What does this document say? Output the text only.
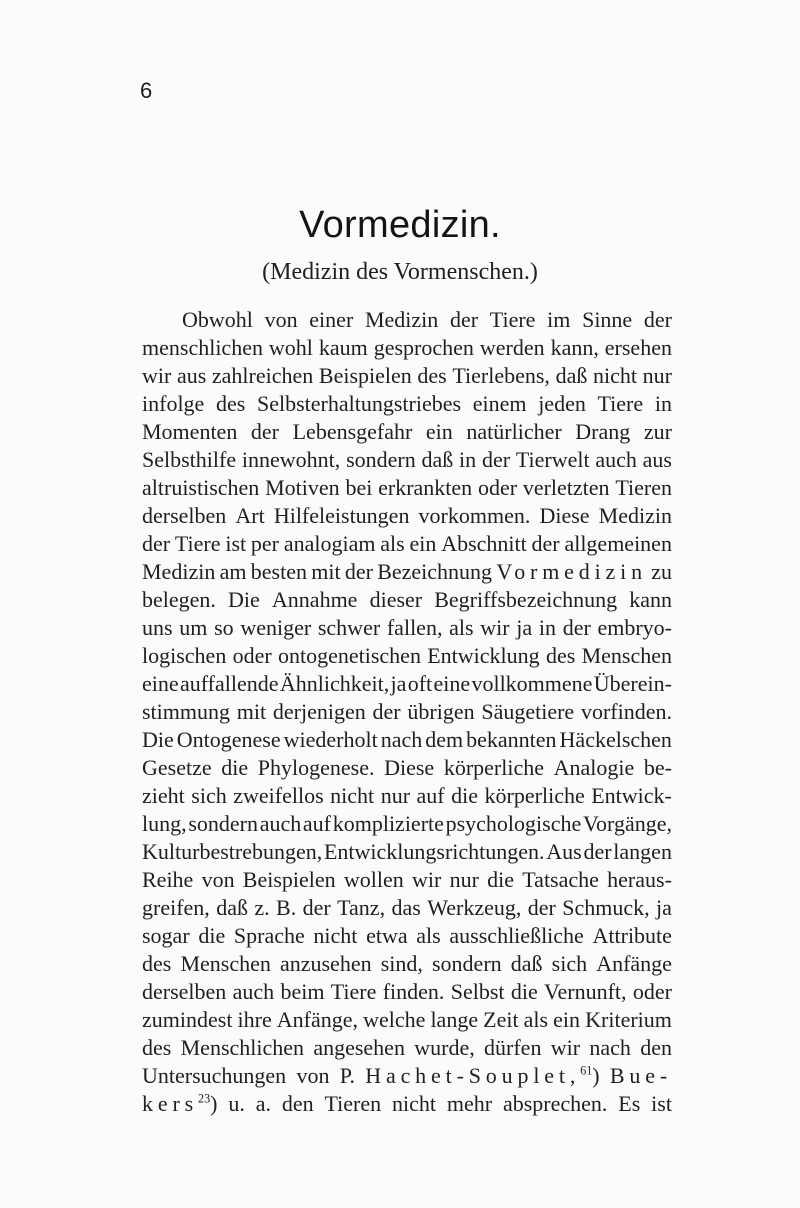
6
Vormedizin.
(Medizin des Vormenschen.)
Obwohl von einer Medizin der Tiere im Sinne der
menschlichen wohl kaum gesprochen werden kann, ersehen
wir aus zahlreichen Beispielen des Tierlebens, daß nicht nur
infolge des Selbsterhaltungstriebes einem jeden Tiere in
Momenten der Lebensgefahr ein natürlicher Drang zur
Selbsthilfe innewohnt, sondern daß in der Tierwelt auch aus
altruistischen Motiven bei erkrankten oder verletzten Tieren
derselben Art Hilfeleistungen vorkommen. Diese Medizin
der Tiere ist per analogiam als ein Abschnitt der allgemeinen
Medizin am besten mit der Bezeichnung Vormedizin zu
belegen. Die Annahme dieser Begriffsbezeichnung kann
uns um so weniger schwer fallen, als wir ja in der embryo-
logischen oder ontogenetischen Entwicklung des Menschen
eine auffallende Ähnlichkeit, ja oft eine vollkommene Überein-
stimmung mit derjenigen der übrigen Säugetiere vorfinden.
Die Ontogenese wiederholt nach dem bekannten Häckelschen
Gesetze die Phylogenese. Diese körperliche Analogie be-
zieht sich zweifellos nicht nur auf die körperliche Entwick-
lung, sondern auch auf komplizierte psychologische Vorgänge,
Kulturbestrebungen, Entwicklungsrichtungen. Aus der langen
Reihe von Beispielen wollen wir nur die Tatsache heraus-
greifen, daß z. B. der Tanz, das Werkzeug, der Schmuck, ja
sogar die Sprache nicht etwa als ausschließliche Attribute
des Menschen anzusehen sind, sondern daß sich Anfänge
derselben auch beim Tiere finden. Selbst die Vernunft, oder
zumindest ihre Anfänge, welche lange Zeit als ein Kriterium
des Menschlichen angesehen wurde, dürfen wir nach den
Untersuchungen von P. Hachet-Souplet,$^{61}$) Bue-
kers$^{23}$) u. a. den Tieren nicht mehr absprechen. Es ist
